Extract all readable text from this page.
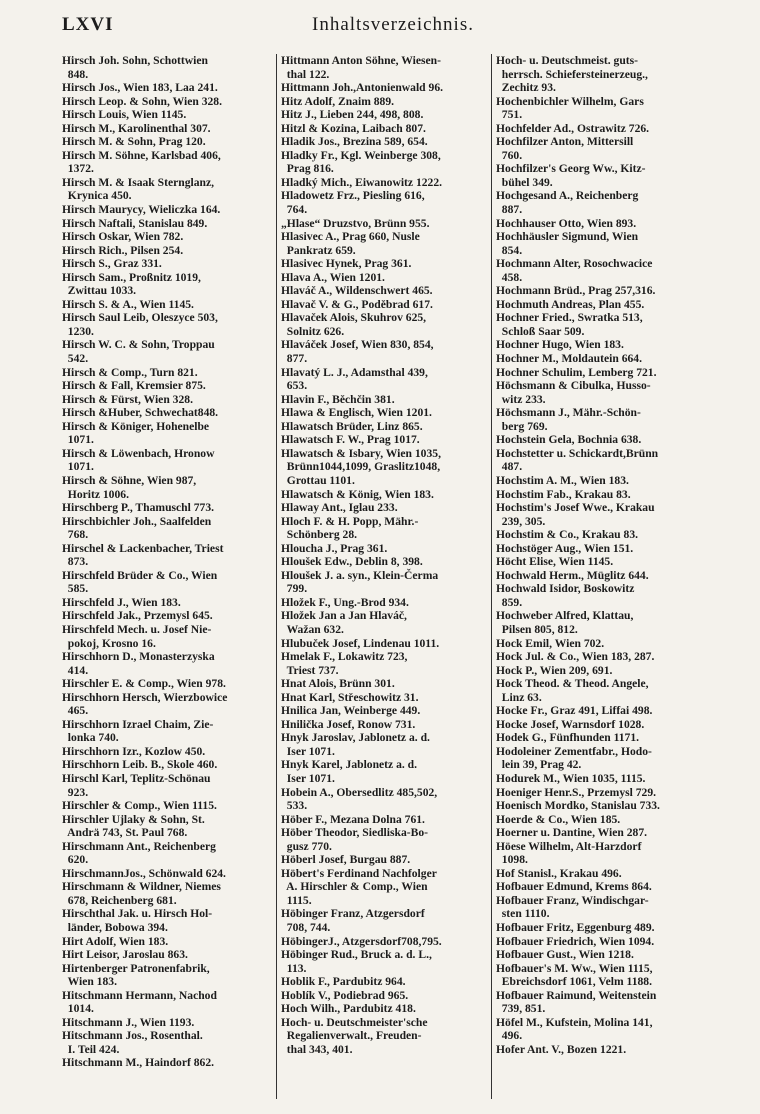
LXVI	Inhaltsverzeichnis.
Hirsch Joh. Sohn, Schottwien
848.
Hirsch Jos., Wien 183, Laa 241.
Hirsch Leop. & Sohn, Wien 328.
Hirsch Louis, Wien 1145.
Hirsch M., Karolinenthal 307.
Hirsch M. & Sohn, Prag 120.
Hirsch M. Söhne, Karlsbad 406,
1372.
Hirsch M. & Isaak Sternglanz,
Krynica 450.
Hirsch Maurycy, Wieliczka 164.
Hirsch Naftali, Stanislau 849.
Hirsch Oskar, Wien 782.
Hirsch Rich., Pilsen 254.
Hirsch S., Graz 331.
Hirsch Sam., Proßnitz 1019,
Zwittau 1033.
Hirsch S. & A., Wien 1145.
Hirsch Saul Leib, Oleszyce 503,
1230.
Hirsch W. C. & Sohn, Troppau
542.
Hirsch & Comp., Turn 821.
Hirsch & Fall, Kremsier 875.
Hirsch & Fürst, Wien 328.
Hirsch &Huber, Schwechat848.
Hirsch & Königer, Hohenelbe
1071.
Hirsch & Löwenbach, Hronow
1071.
Hirsch & Söhne, Wien 987,
Horitz 1006.
Hirschberg P., Thamuschl 773.
Hirschbichler Joh., Saalfelden
768.
Hirschel & Lackenbacher, Triest
873.
Hirschfeld Brüder & Co., Wien
585.
Hirschfeld J., Wien 183.
Hirschfeld Jak., Przemysl 645.
Hirschfeld Mech. u. Josef Nie-
pokoj, Krosno 16.
Hirschhorn D., Monasterzyska
414.
Hirschler E. & Comp., Wien 978.
Hirschhorn Hersch, Wierzbowice
465.
Hirschhorn Izrael Chaim, Zie-
lonka 740.
Hirschhorn Izr., Kozlow 450.
Hirschhorn Leib. B., Skole 460.
Hirschl Karl, Teplitz-Schönau
923.
Hirschler & Comp., Wien 1115.
Hirschler Ujlaky & Sohn, St.
Andrä 743, St. Paul 768.
Hirschmann Ant., Reichenberg
620.
HirschmannJos., Schönwald 624.
Hirschmann & Wildner, Niemes
678, Reichenberg 681.
Hirschthal Jak. u. Hirsch Hol-
länder, Bobowa 394.
Hirt Adolf, Wien 183.
Hirt Leisor, Jaroslau 863.
Hirtenberger Patronenfabrik,
Wien 183.
Hitschmann Hermann, Nachod
1014.
Hitschmann J., Wien 1193.
Hitschmann Jos., Rosenthal.
I. Teil 424.
Hitschmann M., Haindorf 862.
Hittmann Anton Söhne, Wiesen-
thal 122.
Hittmann Joh.,Antonienwald 96.
Hitz Adolf, Znaim 889.
Hitz J., Lieben 244, 498, 808.
Hitzl & Kozina, Laibach 807.
Hladik Jos., Brezina 589, 654.
Hladky Fr., Kgl. Weinberge 308,
Prag 816.
Hladký Mich., Eiwanowitz 1222.
Hladowetz Frz., Piesling 616,
764.
„Hlase“ Druzstvo, Brünn 955.
Hlasivec A., Prag 660, Nusle
Pankratz 659.
Hlasivec Hynek, Prag 361.
Hlava A., Wien 1201.
Hlaváč A., Wildenschwert 465.
Hlavač V. & G., Poděbrad 617.
Hlavaček Alois, Skuhrov 625,
Solnitz 626.
Hlaváček Josef, Wien 830, 854,
877.
Hlavatý L. J., Adamsthal 439,
653.
Hlavin F., Běchčin 381.
Hlawa & Englisch, Wien 1201.
Hlawatsch Brüder, Linz 865.
Hlawatsch F. W., Prag 1017.
Hlawatsch & Isbary, Wien 1035,
Brünn1044,1099, Graslitz1048,
Grottau 1101.
Hlawatsch & König, Wien 183.
Hlaway Ant., Iglau 233.
Hloch F. & H. Popp, Mähr.-
Schönberg 28.
Hloucha J., Prag 361.
Hloušek Edw., Deblin 8, 398.
Hloušek J. a. syn., Klein-Čerma
799.
Hložek F., Ung.-Brod 934.
Hložek Jan a Jan Hlaváč,
Wažan 632.
Hlubuček Josef, Lindenau 1011.
Hmelak F., Lokawitz 723,
Triest 737.
Hnat Alois, Brünn 301.
Hnat Karl, Střeschowitz 31.
Hnilica Jan, Weinberge 449.
Hnilička Josef, Ronow 731.
Hnyk Jaroslav, Jablonetz a. d.
Iser 1071.
Hnyk Karel, Jablonetz a. d.
Iser 1071.
Hobein A., Obersedlitz 485,502,
533.
Höber F., Mezana Dolna 761.
Höber Theodor, Siedliska-Bo-
gusz 770.
Höberl Josef, Burgau 887.
Höbert's Ferdinand Nachfolger
A. Hirschler & Comp., Wien
1115.
Höbinger Franz, Atzgersdorf
708, 744.
HöbingerJ., Atzgersdorf708,795.
Höbinger Rud., Bruck a. d. L.,
113.
Hoblik F., Pardubitz 964.
Hoblík V., Podiebrad 965.
Hoch Wilh., Pardubitz 418.
Hoch- u. Deutschmeister'sche
Regalienverwalt., Freuden-
thal 343, 401.
Hoch- u. Deutschmeist. guts-
herrsch. Schiefersteinerzeug.,
Zechitz 93.
Hochenbichler Wilhelm, Gars
751.
Hochfelder Ad., Ostrawitz 726.
Hochfilzer Anton, Mittersill
760.
Hochfilzer's Georg Ww., Kitz-
bühel 349.
Hochgesand A., Reichenberg
887.
Hochhauser Otto, Wien 893.
Hochhäusler Sigmund, Wien
854.
Hochmann Alter, Rosochwacice
458.
Hochmann Brüd., Prag 257,316.
Hochmuth Andreas, Plan 455.
Hochner Fried., Swratka 513,
Schloß Saar 509.
Hochner Hugo, Wien 183.
Hochner M., Moldautein 664.
Hochner Schulim, Lemberg 721.
Höchsmann & Cibulka, Husso-
witz 233.
Höchsmann J., Mähr.-Schön-
berg 769.
Hochstein Gela, Bochnia 638.
Hochstetter u. Schickardt,Brünn
487.
Hochstim A. M., Wien 183.
Hochstim Fab., Krakau 83.
Hochstim's Josef Wwe., Krakau
239, 305.
Hochstim & Co., Krakau 83.
Hochstöger Aug., Wien 151.
Höcht Elise, Wien 1145.
Hochwald Herm., Müglitz 644.
Hochwald Isidor, Boskowitz
859.
Hochweber Alfred, Klattau,
Pilsen 805, 812.
Hock Emil, Wien 702.
Hock Jul. & Co., Wien 183, 287.
Hock P., Wien 209, 691.
Hock Theod. & Theod. Angele,
Linz 63.
Hocke Fr., Graz 491, Liffai 498.
Hocke Josef, Warnsdorf 1028.
Hodek G., Fünfhunden 1171.
Hodoleiner Zementfabr., Hodo-
lein 39, Prag 42.
Hodurek M., Wien 1035, 1115.
Hoeniger Henr.S., Przemysl 729.
Hoenisch Mordko, Stanislau 733.
Hoerde & Co., Wien 185.
Hoerner u. Dantine, Wien 287.
Höese Wilhelm, Alt-Harzdorf
1098.
Hof Stanisl., Krakau 496.
Hofbauer Edmund, Krems 864.
Hofbauer Franz, Windischgar-
sten 1110.
Hofbauer Fritz, Eggenburg 489.
Hofbauer Friedrich, Wien 1094.
Hofbauer Gust., Wien 1218.
Hofbauer's M. Ww., Wien 1115,
Ebreichsdorf 1061, Velm 1188.
Hofbauer Raimund, Weitenstein
739, 851.
Höfel M., Kufstein, Molina 141,
496.
Hofer Ant. V., Bozen 1221.
